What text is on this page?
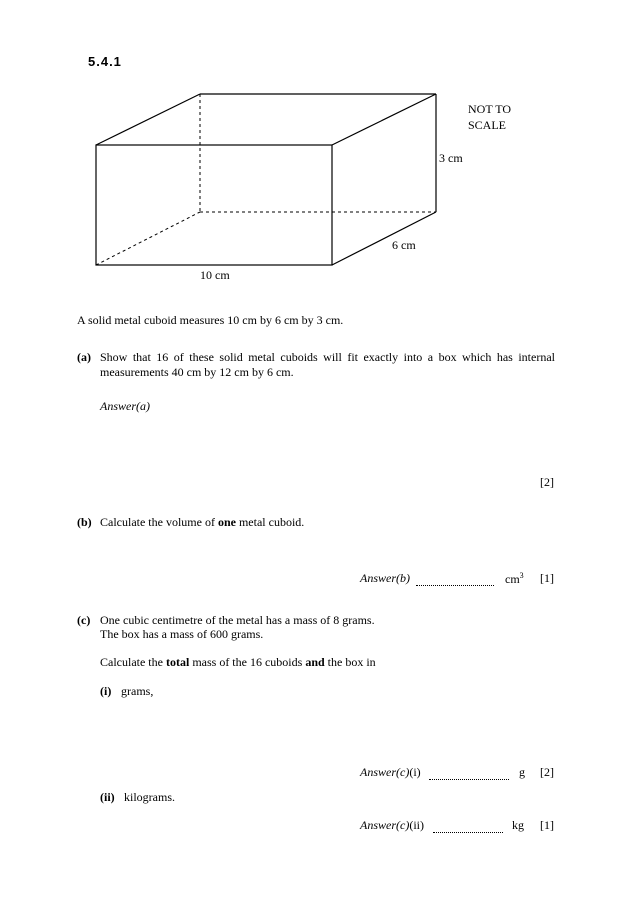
5.4.1
NOT TO
SCALE
3 cm
6 cm
10 cm
A solid metal cuboid measures 10 cm by 6 cm by 3 cm.
(a) Show that 16 of these solid metal cuboids will fit exactly into a box which has internal measurements 40 cm by 12 cm by 6 cm.
Answer(a)
[2]
(b) Calculate the volume of one metal cuboid.
Answer(b)	$cm^3$ [1]
(c) One cubic centimetre of the metal has a mass of 8 grams.
The box has a mass of 600 grams.
Calculate the total mass of the 16 cuboids and the box in
(i) grams,
Answer(c)(i)	g [2]
(ii) kilograms.
Answer(c)(ii)	kg [1]
